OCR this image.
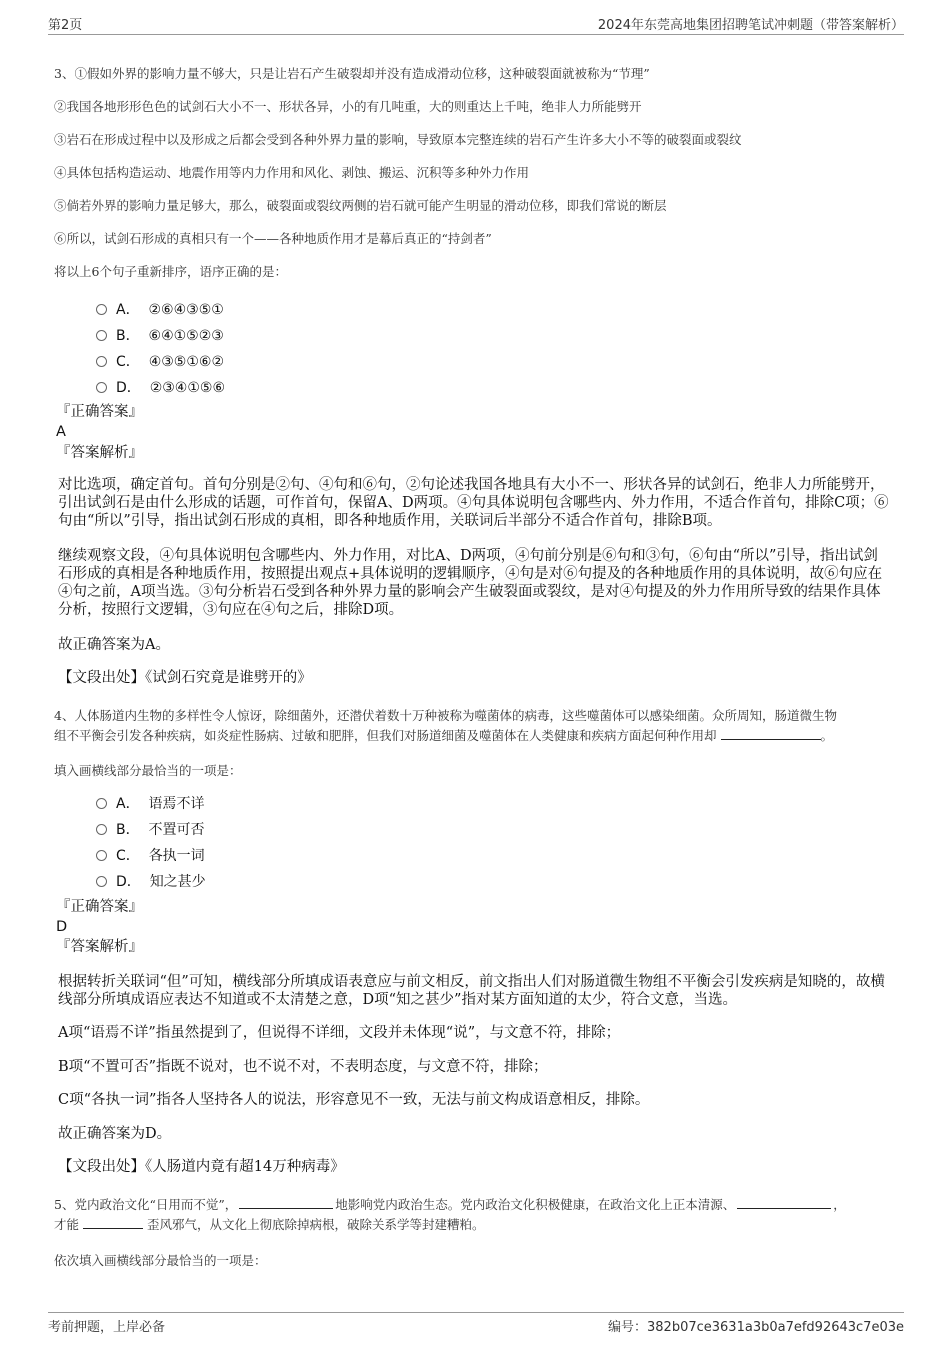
第2页	2024年东莞高地集团招聘笔试冲刺题（带答案解析）
3、①假如外界的影响力量不够大，只是让岩石产生破裂却并没有造成滑动位移，这种破裂面就被称为“节理”
②我国各地形形色色的试剑石大小不一、形状各异，小的有几吨重，大的则重达上千吨，绝非人力所能劈开
③岩石在形成过程中以及形成之后都会受到各种外界力量的影响，导致原本完整连续的岩石产生许多大小不等的破裂面或裂纹
④具体包括构造运动、地震作用等内力作用和风化、剥蚀、搬运、沉积等多种外力作用
⑤倘若外界的影响力量足够大，那么，破裂面或裂纹两侧的岩石就可能产生明显的滑动位移，即我们常说的断层
⑥所以，试剑石形成的真相只有一个——各种地质作用才是幕后真正的“持剑者”
将以上6个句子重新排序，语序正确的是：
A． ②⑥④③⑤①
B． ⑥④①⑤②③
C． ④③⑤①⑥②
D． ②③④①⑤⑥
『正确答案』
A
『答案解析』
对比选项，确定首句。首句分别是②句、④句和⑥句，②句论述我国各地具有大小不一、形状各异的试剑石，绝非人力所能劈开，引出试剑石是由什么形成的话题，可作首句，保留A、D两项。④句具体说明包含哪些内、外力作用，不适合作首句，排除C项；⑥句由“所以”引导，指出试剑石形成的真相，即各种地质作用，关联词后半部分不适合作首句，排除B项。
继续观察文段，④句具体说明包含哪些内、外力作用，对比A、D两项，④句前分别是⑥句和③句，⑥句由“所以”引导，指出试剑石形成的真相是各种地质作用，按照提出观点+具体说明的逻辑顺序，④句是对⑥句提及的各种地质作用的具体说明，故⑥句应在④句之前，A项当选。③句分析岩石受到各种外界力量的影响会产生破裂面或裂纹，是对④句提及的外力作用所导致的结果作具体分析，按照行文逻辑，③句应在④句之后，排除D项。
故正确答案为A。
【文段出处】《试剑石究竟是谁劈开的》
4、人体肠道内生物的多样性令人惊讶，除细菌外，还潜伏着数十万种被称为噬菌体的病毒，这些噬菌体可以感染细菌。众所周知，肠道微生物
组不平衡会引发各种疾病，如炎症性肠病、过敏和肥胖，但我们对肠道细菌及噬菌体在人类健康和疾病方面起何种作用却	。
填入画横线部分最恰当的一项是：
A． 语焉不详
B． 不置可否
C． 各执一词
D． 知之甚少
『正确答案』
D
『答案解析』
根据转折关联词“但”可知，横线部分所填成语表意应与前文相反，前文指出人们对肠道微生物组不平衡会引发疾病是知晓的，故横线部分所填成语应表达不知道或不太清楚之意，D项“知之甚少”指对某方面知道的太少，符合文意，当选。
A项“语焉不详”指虽然提到了，但说得不详细，文段并未体现“说”，与文意不符，排除；
B项“不置可否”指既不说对，也不说不对，不表明态度，与文意不符，排除；
C项“各执一词”指各人坚持各人的说法，形容意见不一致，无法与前文构成语意相反，排除。
故正确答案为D。
【文段出处】《人肠道内竟有超14万种病毒》
5、党内政治文化“日用而不觉”，	地影响党内政治生态。党内政治文化积极健康，在政治文化上正本清源、	，
才能	歪风邪气，从文化上彻底除掉病根，破除关系学等封建糟粕。
依次填入画横线部分最恰当的一项是：
考前押题，上岸必备	编号：382b07ce3631a3b0a7efd92643c7e03e
